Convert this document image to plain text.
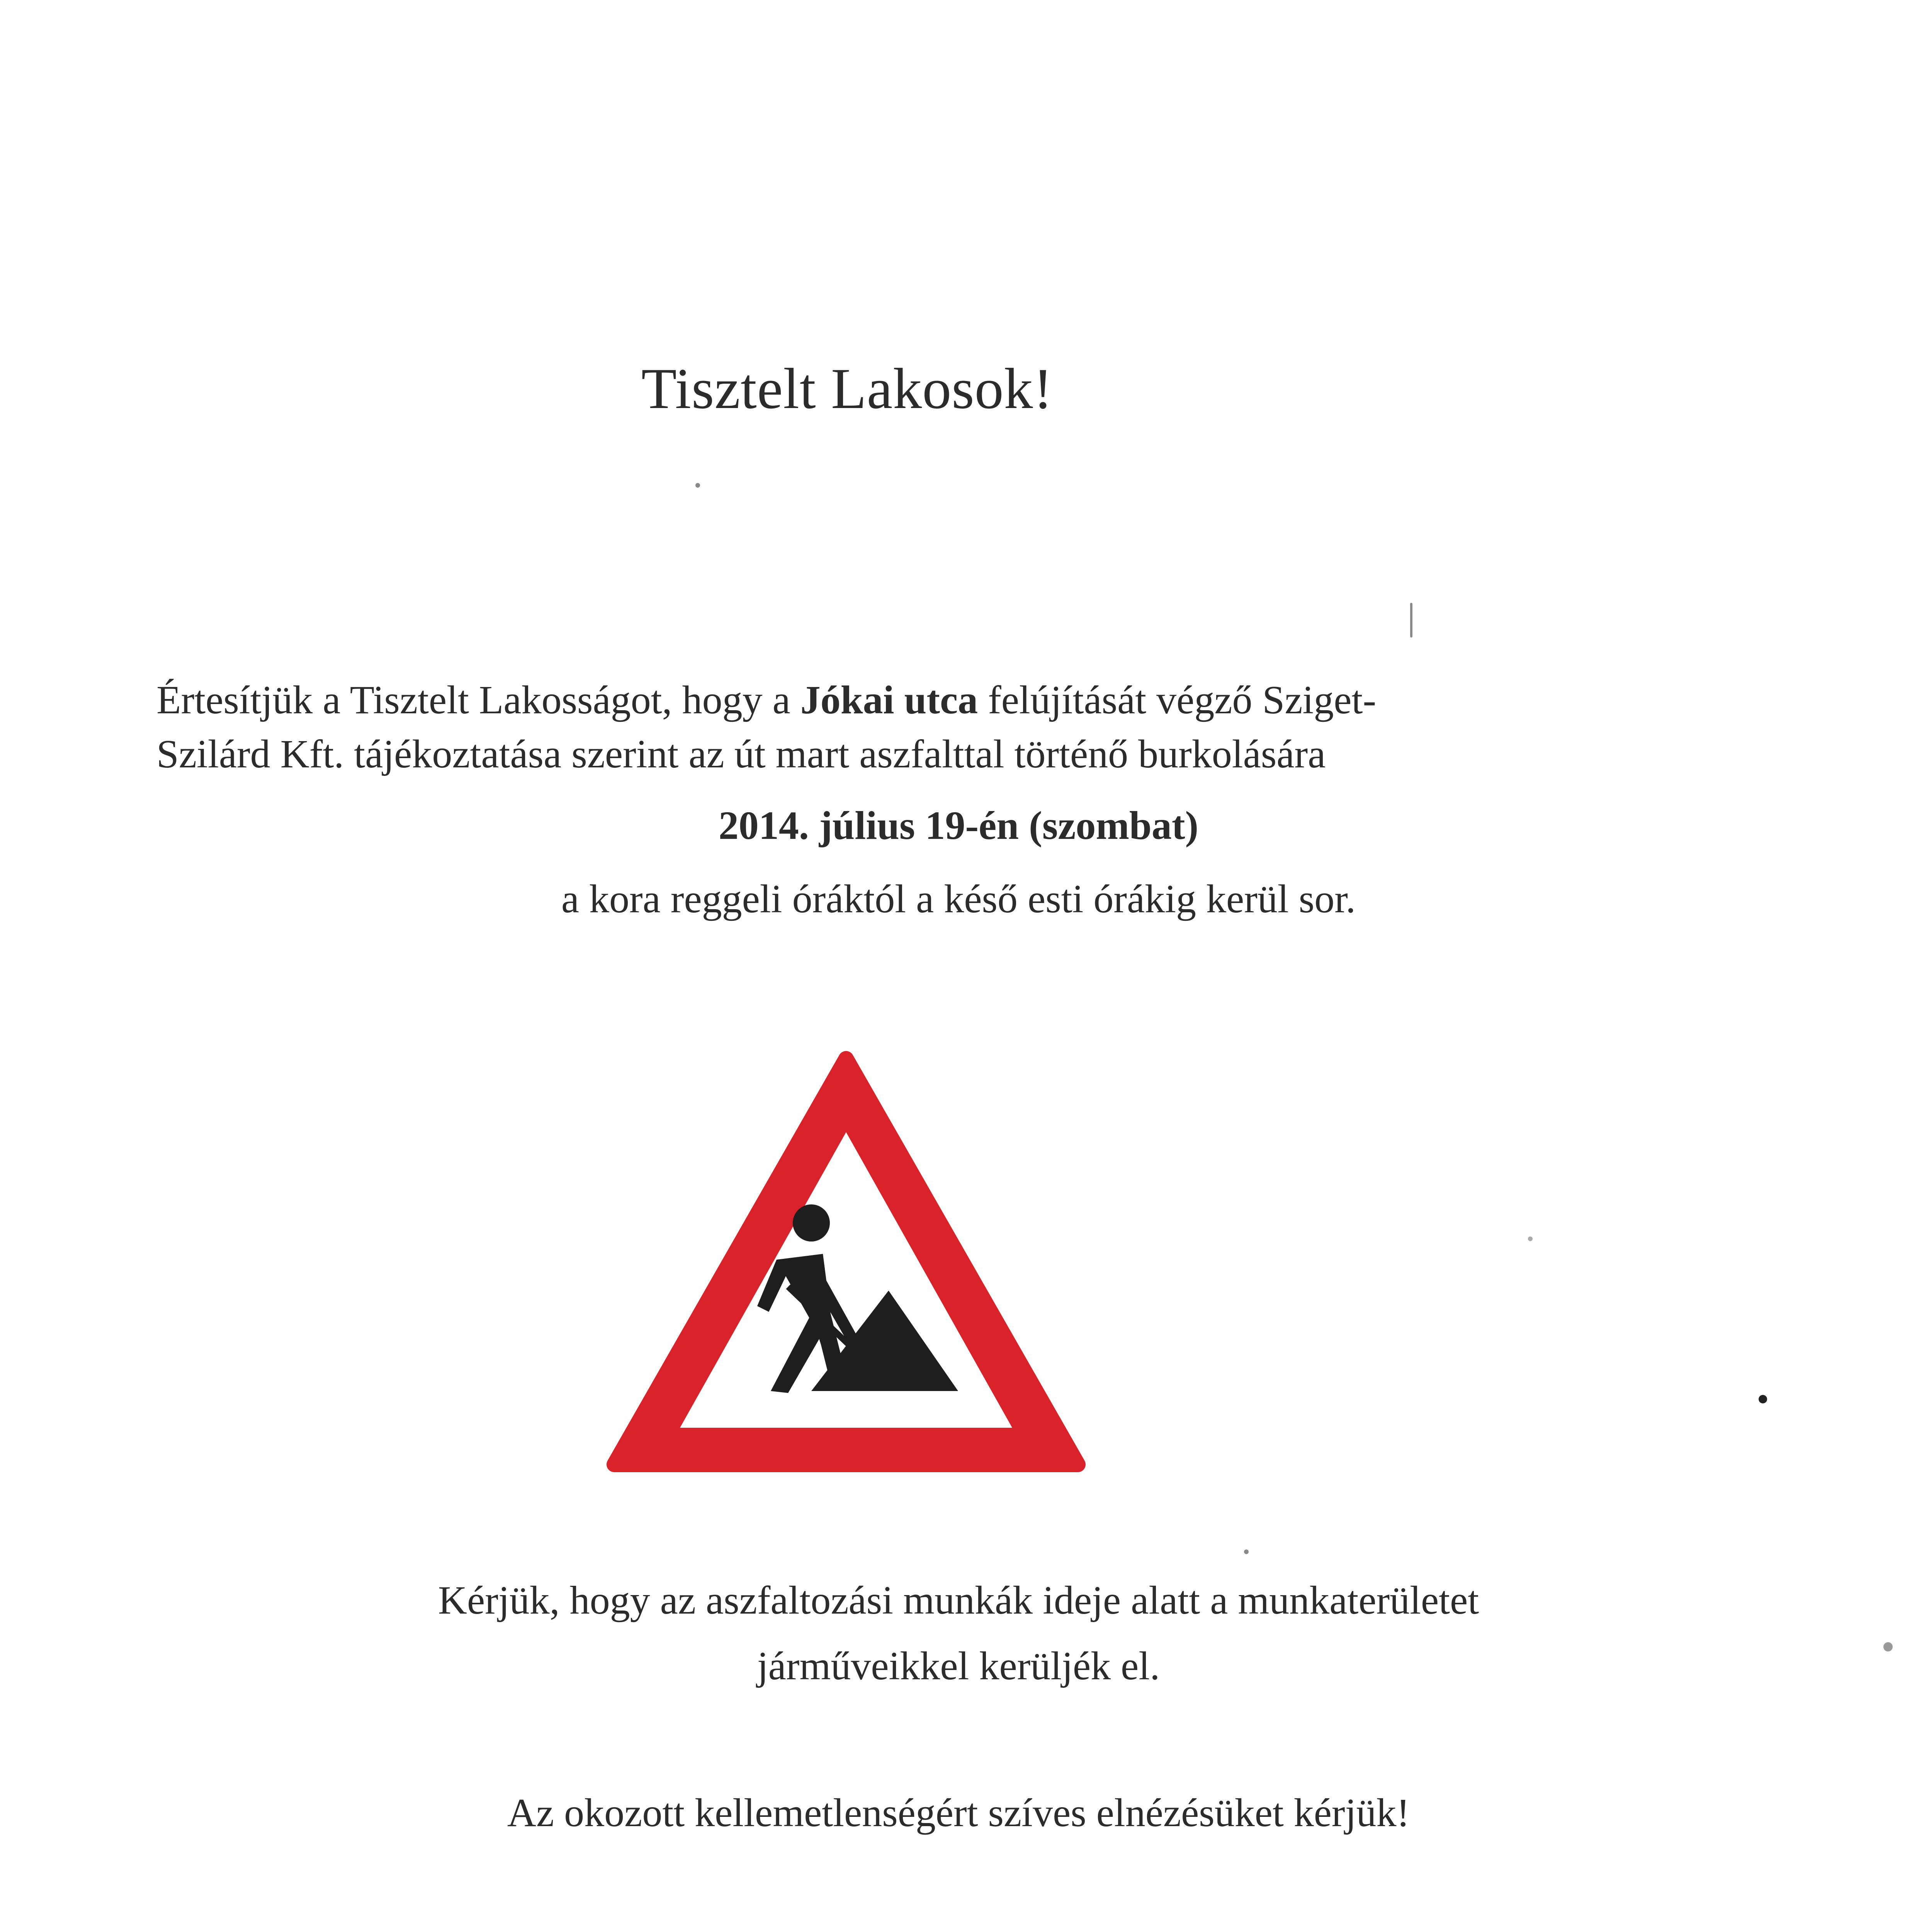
Tisztelt Lakosok!
Értesítjük a Tisztelt Lakosságot, hogy a Jókai utca felújítását végző Sziget-
Szilárd Kft. tájékoztatása szerint az út mart aszfalttal történő burkolására
2014. július 19-én (szombat)
a kora reggeli óráktól a késő esti órákig kerül sor.
Kérjük, hogy az aszfaltozási munkák ideje alatt a munkaterületet
járműveikkel kerüljék el.
Az okozott kellemetlenségért szíves elnézésüket kérjük!
